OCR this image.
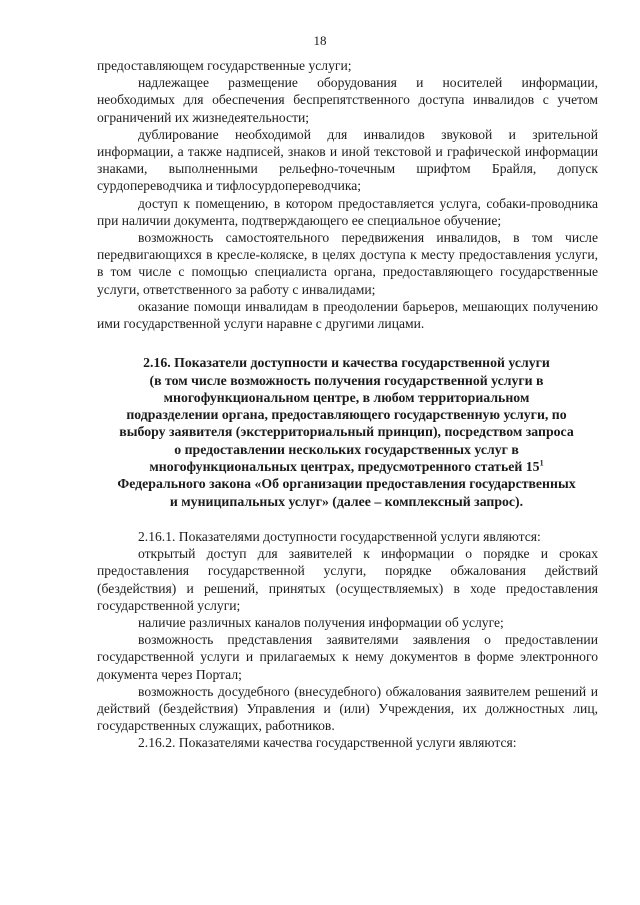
18

предоставляющем государственные услуги;

надлежащее размещение оборудования и носителей информации, необходимых для обеспечения беспрепятственного доступа инвалидов с учетом ограничений их жизнедеятельности;

дублирование необходимой для инвалидов звуковой и зрительной информации, а также надписей, знаков и иной текстовой и графической информации знаками, выполненными рельефно-точечным шрифтом Брайля, допуск сурдопереводчика и тифлосурдопереводчика;

доступ к помещению, в котором предоставляется услуга, собаки-проводника при наличии документа, подтверждающего ее специальное обучение;

возможность самостоятельного передвижения инвалидов, в том числе передвигающихся в кресле-коляске, в целях доступа к месту предоставления услуги, в том числе с помощью специалиста органа, предоставляющего государственные услуги, ответственного за работу с инвалидами;

оказание помощи инвалидам в преодолении барьеров, мешающих получению ими государственной услуги наравне с другими лицами.

2.16. Показатели доступности и качества государственной услуги
(в том числе возможность получения государственной услуги в
многофункциональном центре, в любом территориальном
подразделении органа, предоставляющего государственную услуги, по
выбору заявителя (экстерриториальный принцип), посредством запроса
о предоставлении нескольких государственных услуг в
многофункциональных центрах, предусмотренного статьей $15^1$
Федерального закона «Об организации предоставления государственных
и муниципальных услуг» (далее – комплексный запрос).

2.16.1. Показателями доступности государственной услуги являются:

открытый доступ для заявителей к информации о порядке и сроках предоставления государственной услуги, порядке обжалования действий (бездействия) и решений, принятых (осуществляемых) в ходе предоставления государственной услуги;

наличие различных каналов получения информации об услуге;

возможность представления заявителями заявления о предоставлении государственной услуги и прилагаемых к нему документов в форме электронного документа через Портал;

возможность досудебного (внесудебного) обжалования заявителем решений и действий (бездействия) Управления и (или) Учреждения, их должностных лиц, государственных служащих, работников.

2.16.2. Показателями качества государственной услуги являются:
